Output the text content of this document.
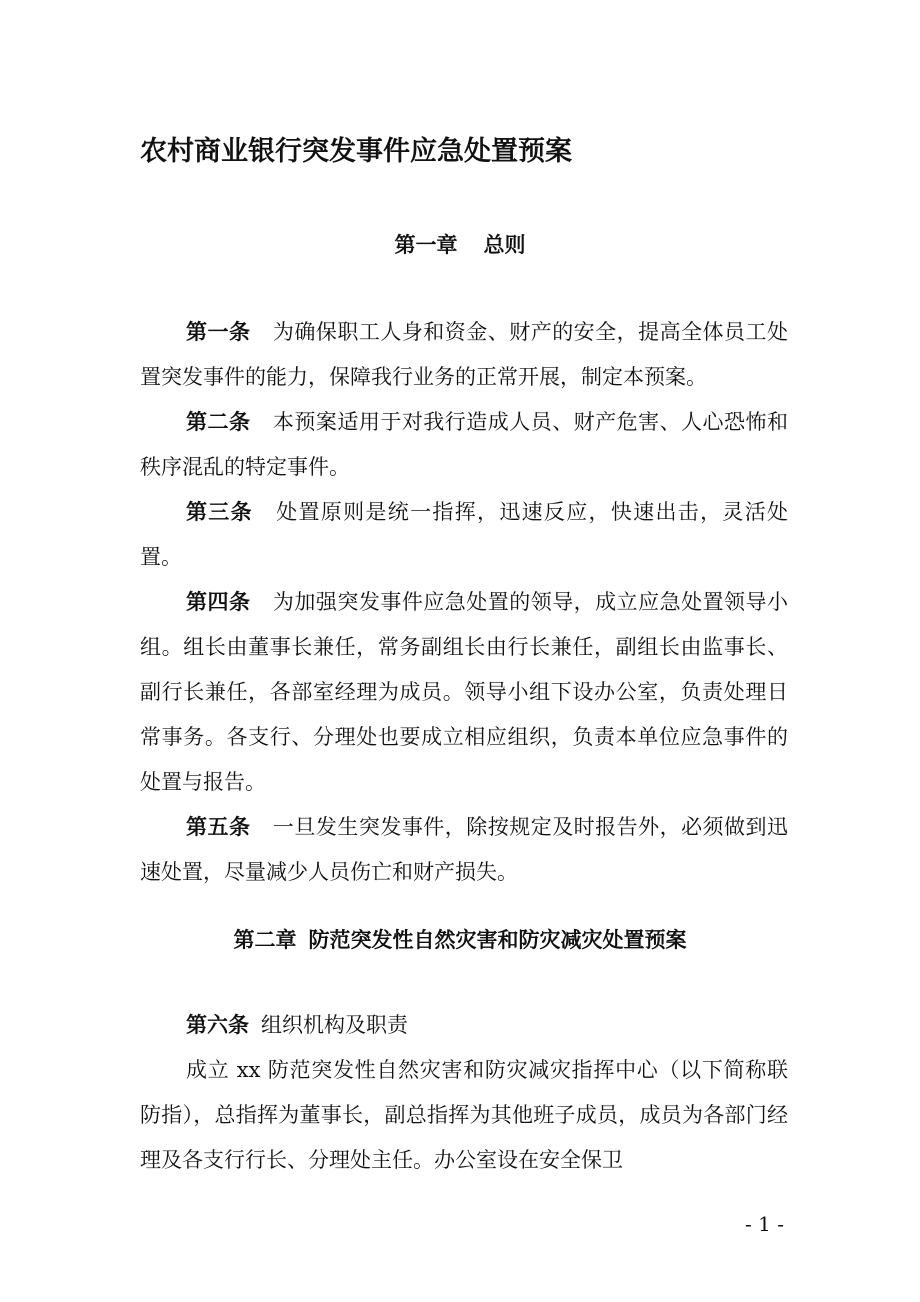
农村商业银行突发事件应急处置预案
第一章 总则

第一条 为确保职工人身和资金、财产的安全，提高全体员工处置突发事件的能力，保障我行业务的正常开展，制定本预案。

第二条 本预案适用于对我行造成人员、财产危害、人心恐怖和秩序混乱的特定事件。

第三条 处置原则是统一指挥，迅速反应，快速出击，灵活处置。

第四条 为加强突发事件应急处置的领导，成立应急处置领导小组。组长由董事长兼任，常务副组长由行长兼任，副组长由监事长、副行长兼任，各部室经理为成员。领导小组下设办公室，负责处理日常事务。各支行、分理处也要成立相应组织，负责本单位应急事件的处置与报告。

第五条 一旦发生突发事件，除按规定及时报告外，必须做到迅速处置，尽量减少人员伤亡和财产损失。

第二章 防范突发性自然灾害和防灾减灾处置预案

第六条 组织机构及职责

成立 xx 防范突发性自然灾害和防灾减灾指挥中心（以下简称联防指），总指挥为董事长，副总指挥为其他班子成员，成员为各部门经理及各支行行长、分理处主任。办公室设在安全保卫

- 1 -
